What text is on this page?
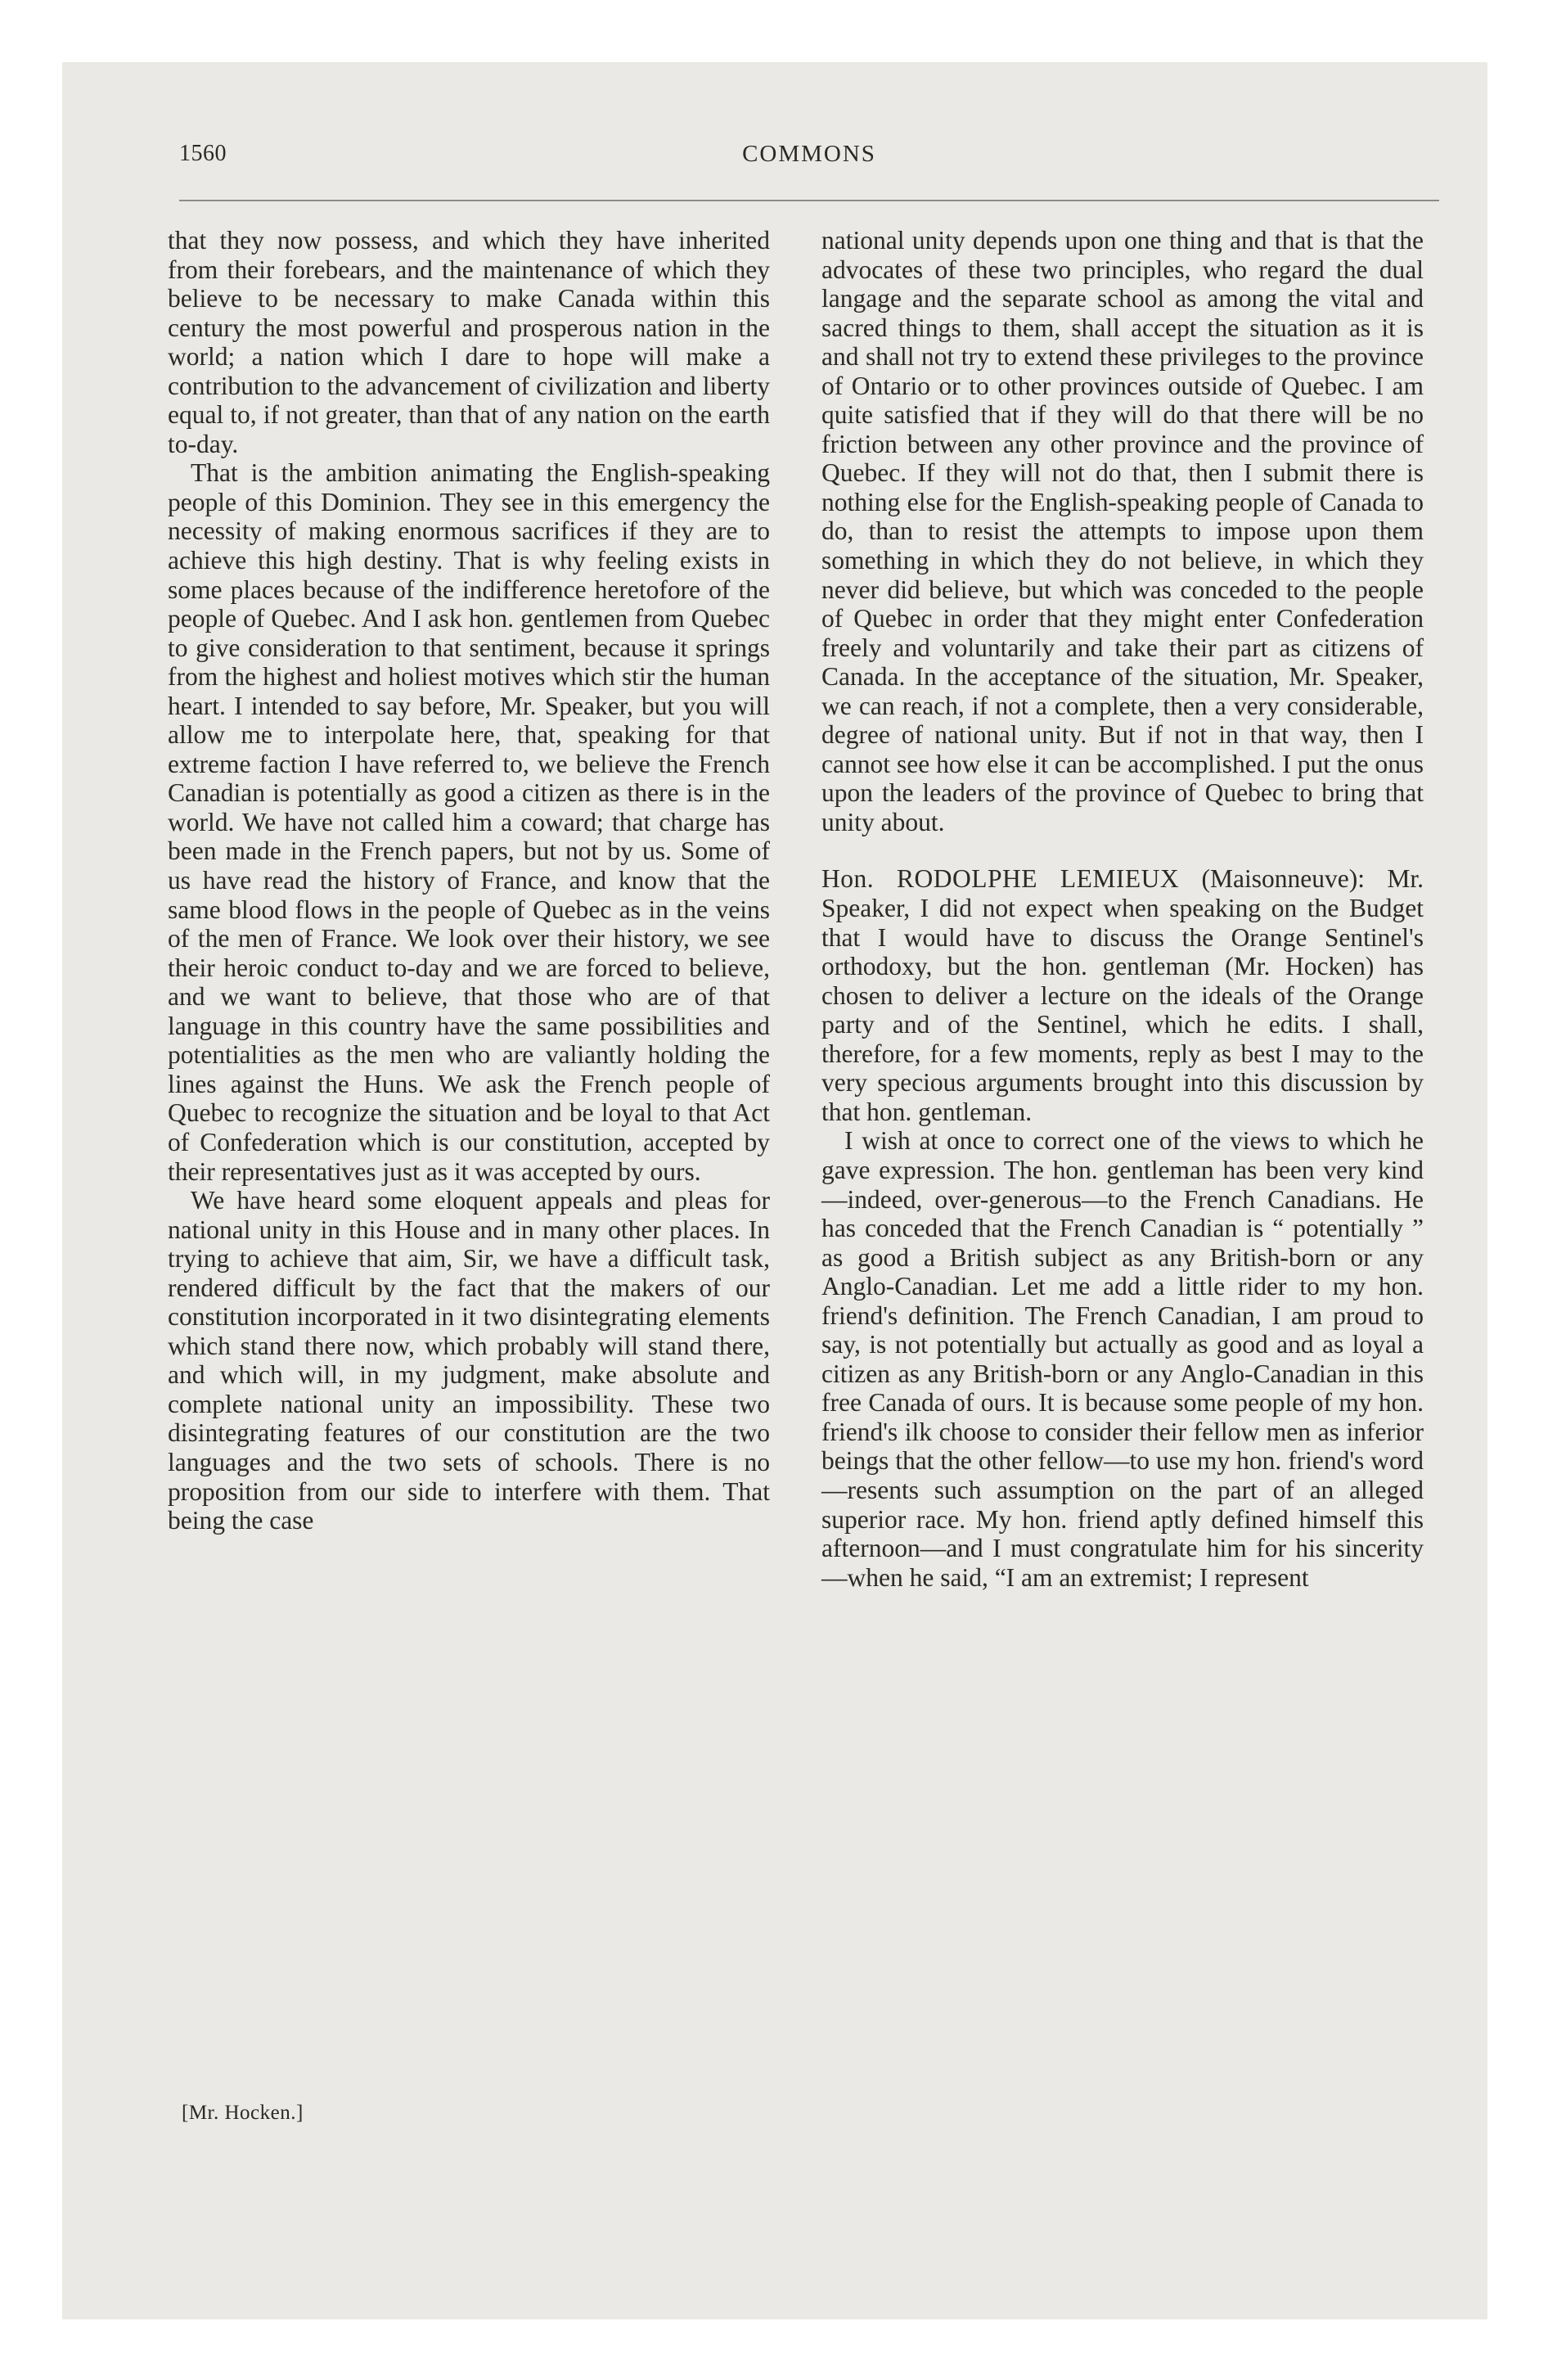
1560	COMMONS

that they now possess, and which they have inherited from their forebears, and the maintenance of which they believe to be necessary to make Canada within this century the most powerful and prosperous nation in the world; a nation which I dare to hope will make a contribution to the advancement of civilization and liberty equal to, if not greater, than that of any nation on the earth to-day.

That is the ambition animating the English-speaking people of this Dominion. They see in this emergency the necessity of making enormous sacrifices if they are to achieve this high destiny. That is why feeling exists in some places because of the indifference heretofore of the people of Quebec. And I ask hon. gentlemen from Quebec to give consideration to that sentiment, because it springs from the highest and holiest motives which stir the human heart. I intended to say before, Mr. Speaker, but you will allow me to interpolate here, that, speaking for that extreme faction I have referred to, we believe the French Canadian is potentially as good a citizen as there is in the world. We have not called him a coward; that charge has been made in the French papers, but not by us. Some of us have read the history of France, and know that the same blood flows in the people of Quebec as in the veins of the men of France. We look over their history, we see their heroic conduct to-day and we are forced to believe, and we want to believe, that those who are of that language in this country have the same possibilities and potentialities as the men who are valiantly holding the lines against the Huns. We ask the French people of Quebec to recognize the situation and be loyal to that Act of Confederation which is our constitution, accepted by their representatives just as it was accepted by ours.

We have heard some eloquent appeals and pleas for national unity in this House and in many other places. In trying to achieve that aim, Sir, we have a difficult task, rendered difficult by the fact that the makers of our constitution incorporated in it two disintegrating elements which stand there now, which probably will stand there, and which will, in my judgment, make absolute and complete national unity an impossibility. These two disintegrating features of our constitution are the two languages and the two sets of schools. There is no proposition from our side to interfere with them. That being the case

[Mr. Hocken.]

national unity depends upon one thing and that is that the advocates of these two principles, who regard the dual langage and the separate school as among the vital and sacred things to them, shall accept the situation as it is and shall not try to extend these privileges to the province of Ontario or to other provinces outside of Quebec. I am quite satisfied that if they will do that there will be no friction between any other province and the province of Quebec. If they will not do that, then I submit there is nothing else for the English-speaking people of Canada to do, than to resist the attempts to impose upon them something in which they do not believe, in which they never did believe, but which was conceded to the people of Quebec in order that they might enter Confederation freely and voluntarily and take their part as citizens of Canada. In the acceptance of the situation, Mr. Speaker, we can reach, if not a complete, then a very considerable, degree of national unity. But if not in that way, then I cannot see how else it can be accomplished. I put the onus upon the leaders of the province of Quebec to bring that unity about.

Hon. RODOLPHE LEMIEUX (Maisonneuve): Mr. Speaker, I did not expect when speaking on the Budget that I would have to discuss the Orange Sentinel's orthodoxy, but the hon. gentleman (Mr. Hocken) has chosen to deliver a lecture on the ideals of the Orange party and of the Sentinel, which he edits. I shall, therefore, for a few moments, reply as best I may to the very specious arguments brought into this discussion by that hon. gentleman.

I wish at once to correct one of the views to which he gave expression. The hon. gentleman has been very kind—indeed, over-generous—to the French Canadians. He has conceded that the French Canadian is “ potentially ” as good a British subject as any British-born or any Anglo-Canadian. Let me add a little rider to my hon. friend's definition. The French Canadian, I am proud to say, is not potentially but actually as good and as loyal a citizen as any British-born or any Anglo-Canadian in this free Canada of ours. It is because some people of my hon. friend's ilk choose to consider their fellow men as inferior beings that the other fellow—to use my hon. friend's word—resents such assumption on the part of an alleged superior race. My hon. friend aptly defined himself this afternoon—and I must congratulate him for his sincerity—when he said, “I am an extremist; I represent
